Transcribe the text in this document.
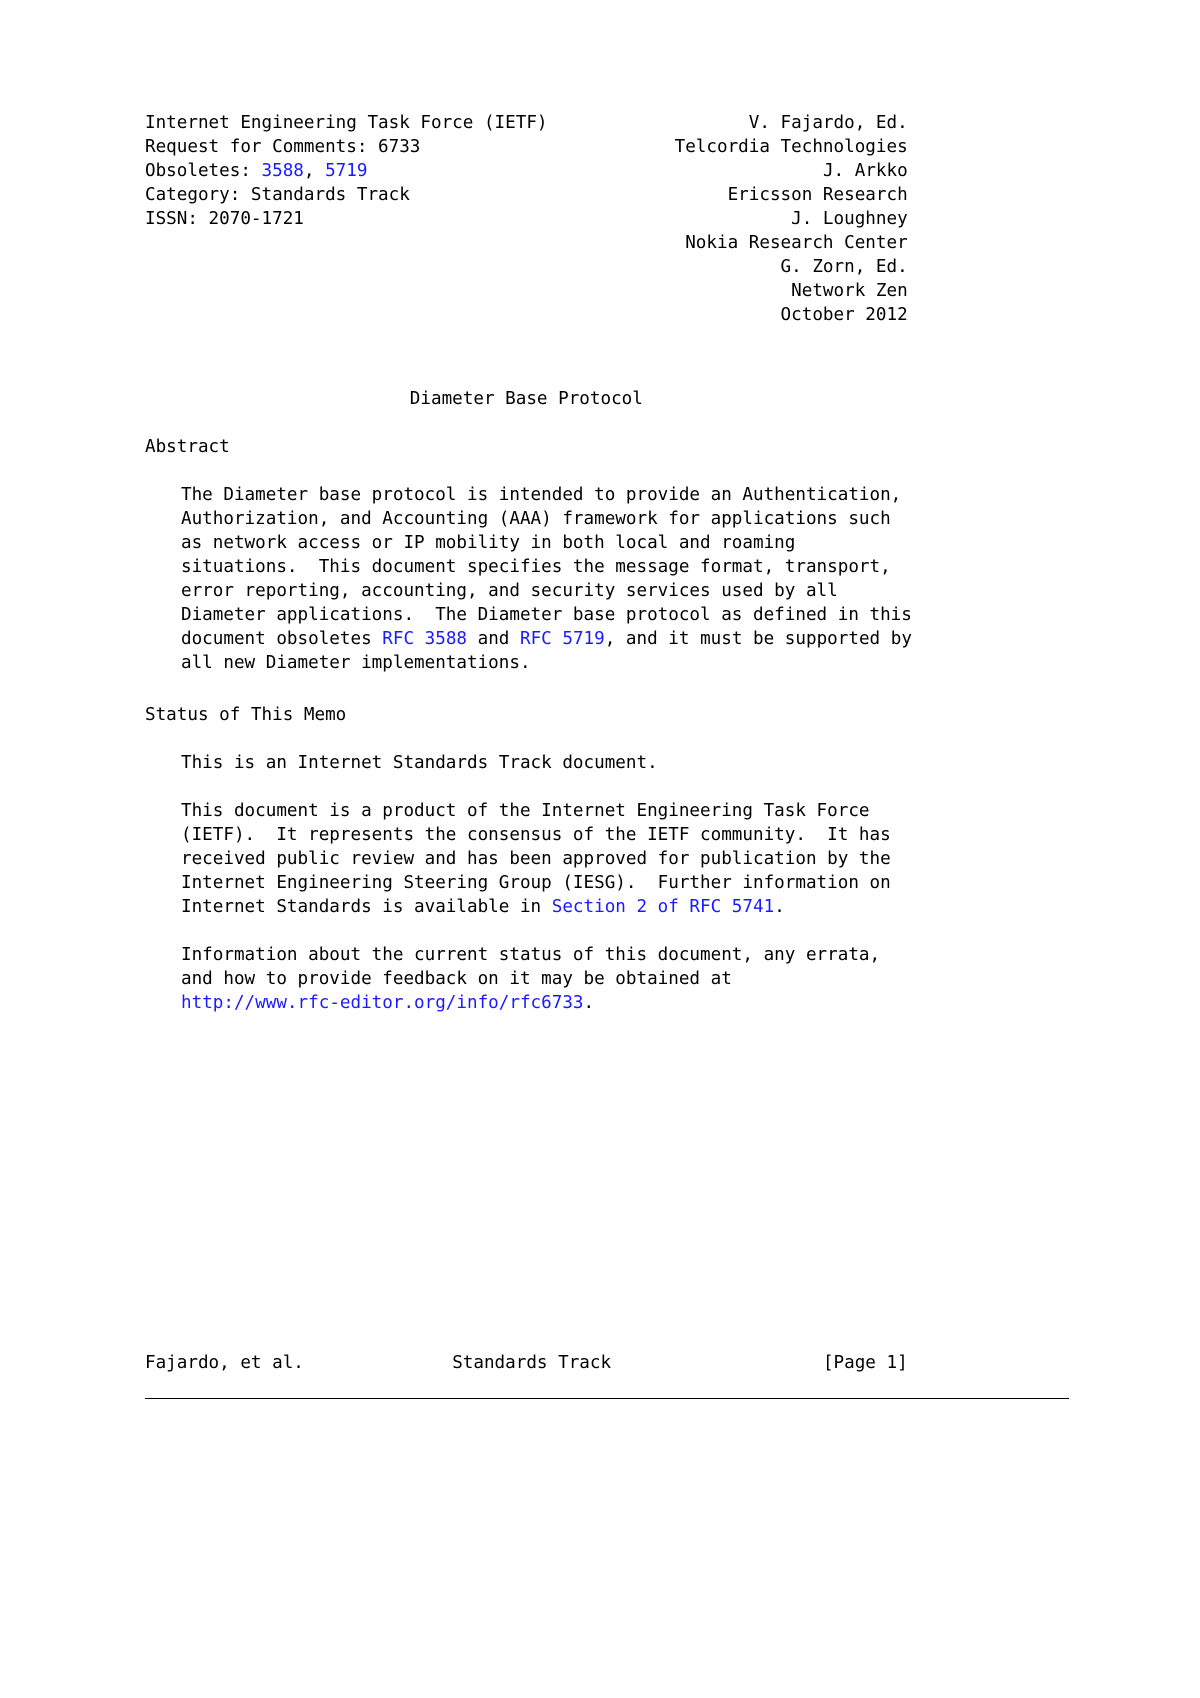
Internet Engineering Task Force (IETF)	V. Fajardo, Ed.
Request for Comments: 6733	Telcordia Technologies
Obsoletes: 3588, 5719	J. Arkko
Category: Standards Track	Ericsson Research
ISSN: 2070-1721	J. Loughney
Nokia Research Center
G. Zorn, Ed.
Network Zen
October 2012
Diameter Base Protocol
Abstract
The Diameter base protocol is intended to provide an Authentication,
Authorization, and Accounting (AAA) framework for applications such
as network access or IP mobility in both local and roaming
situations.  This document specifies the message format, transport,
error reporting, accounting, and security services used by all
Diameter applications.  The Diameter base protocol as defined in this
document obsoletes RFC 3588 and RFC 5719, and it must be supported by
all new Diameter implementations.
Status of This Memo
This is an Internet Standards Track document.
This document is a product of the Internet Engineering Task Force
(IETF).  It represents the consensus of the IETF community.  It has
received public review and has been approved for publication by the
Internet Engineering Steering Group (IESG).  Further information on
Internet Standards is available in Section 2 of RFC 5741.
Information about the current status of this document, any errata,
and how to provide feedback on it may be obtained at
http://www.rfc-editor.org/info/rfc6733.
Fajardo, et al.	Standards Track	[Page 1]
